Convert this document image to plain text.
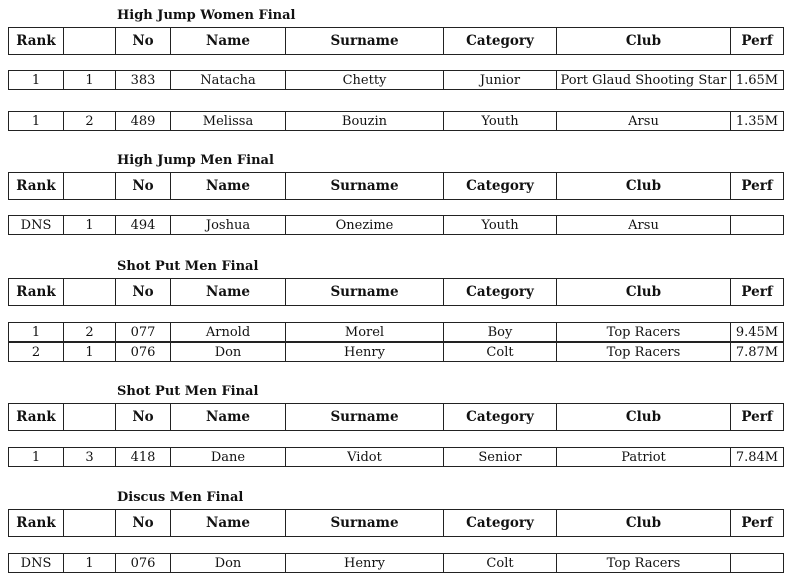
High Jump Women Final
Rank		No	Name	Surname	Category	Club	Perf
1	1	383	Natacha	Chetty	Junior	Port Glaud Shooting Star	1.65M
1	2	489	Melissa	Bouzin	Youth	Arsu	1.35M
High Jump Men Final
Rank		No	Name	Surname	Category	Club	Perf
DNS	1	494	Joshua	Onezime	Youth	Arsu	
Shot Put Men Final
Rank		No	Name	Surname	Category	Club	Perf
1	2	077	Arnold	Morel	Boy	Top Racers	9.45M
2	1	076	Don	Henry	Colt	Top Racers	7.87M
Shot Put Men Final
Rank		No	Name	Surname	Category	Club	Perf
1	3	418	Dane	Vidot	Senior	Patriot	7.84M
Discus Men Final
Rank		No	Name	Surname	Category	Club	Perf
DNS	1	076	Don	Henry	Colt	Top Racers	
